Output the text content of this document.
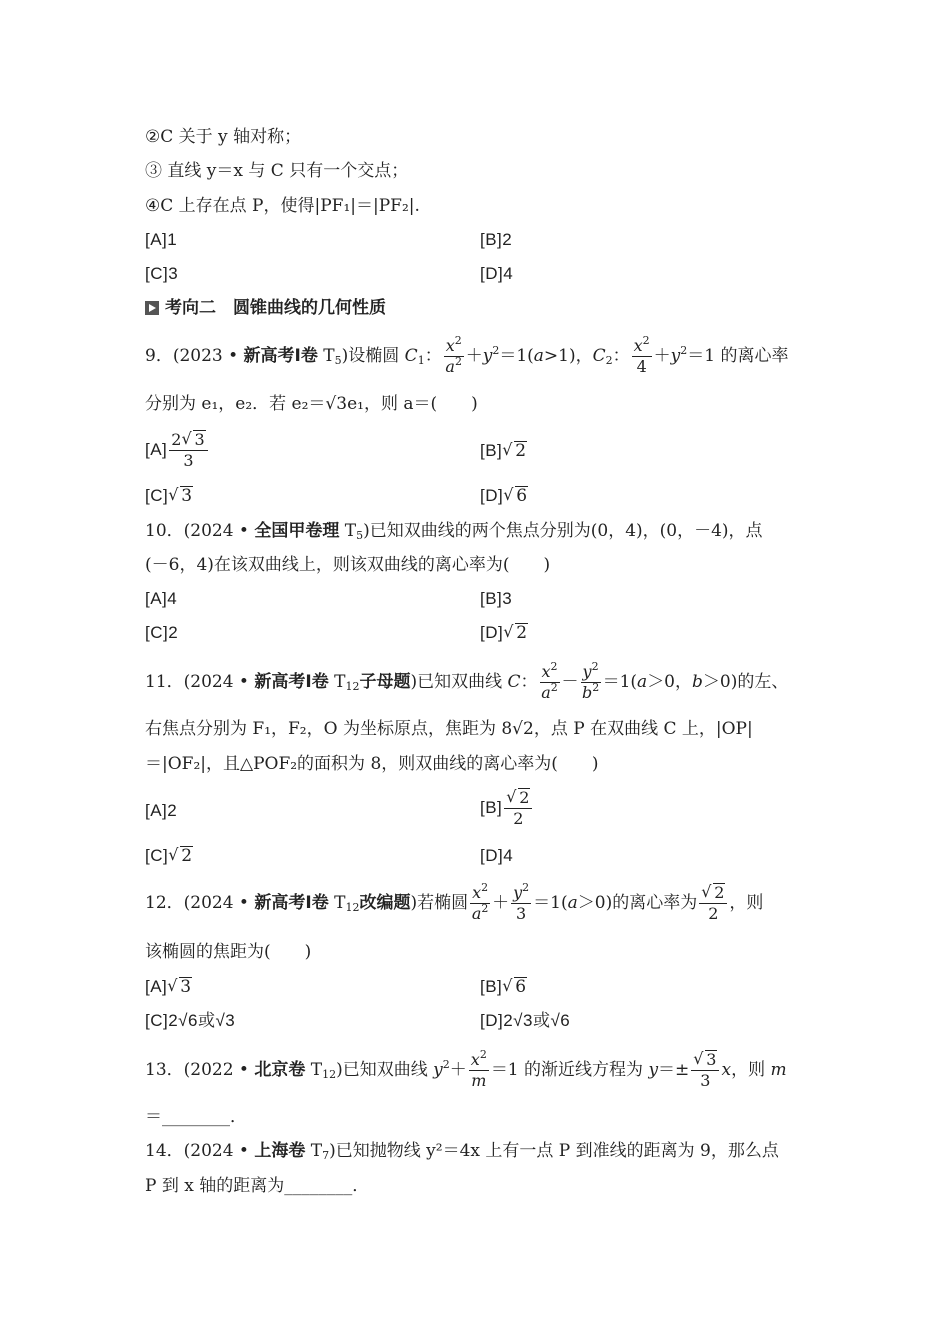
②C 关于 y 轴对称；
③ 直线 y＝x 与 C 只有一个交点；
④C 上存在点 P，使得|PF₁|＝|PF₂|.
[A]1	[B]2
[C]3	[D]4
考向二　圆锥曲线的几何性质
9．(2023 • 新高考Ⅰ卷 $T_5$)设椭圆 $C_1$： $\frac{x^2}{a^2} +y^2=1(a>1)$，$C_2$： $\frac{x^2}{4} +y^2=1$ 的离心率
分别为 e₁，e₂．若 e₂＝√3e₁，则 a＝(　　)
$[A] \frac{2 √ 3}{3}$	[B] √ 2
[C] √ 3	[D] √ 6
10．(2024 • 全国甲卷理 $T_5$)已知双曲线的两个焦点分别为(0，4)，(0，－4)，点
(－6，4)在该双曲线上，则该双曲线的离心率为(　　)
[A]4	[B]3
[C]2	[D] √ 2
11．(2024 • 新高考Ⅰ卷 $T_{12}$子母题)已知双曲线 C： $\frac{x^2}{a^2} - \frac{y^2}{b^2} =1(a>0$，b＞0)的左、
右焦点分别为 F₁，F₂，O 为坐标原点，焦距为 8√2，点 P 在双曲线 C 上，|OP|
＝|OF₂|，且△POF₂的面积为 8，则双曲线的离心率为(　　)
[A]2	[B] √ $\frac{2}{2}$
[C] √ 2	[D]4
12．(2024 • 新高考Ⅰ卷 $T_{12}$改编题)若椭圆 $\frac{x^2}{a^2} + \frac{y^2}{3} =1(a>0)$的离心率为 √ $\frac{2}{2}$ ，则
该椭圆的焦距为(　　)
[A] √ 3	[B] √ 6
[C]2√6或√3	[D]2√3或√6
13．(2022 • 北京卷 $T_{12}$)已知双曲线 $y^2+ \frac{x^2}{m} =1$ 的渐近线方程为 y＝± √ $\frac{3}{3}$ x，则 m
＝________．
14．(2024 • 上海卷 $T_7$)已知抛物线 y²＝4x 上有一点 P 到准线的距离为 9，那么点
P 到 x 轴的距离为________．
